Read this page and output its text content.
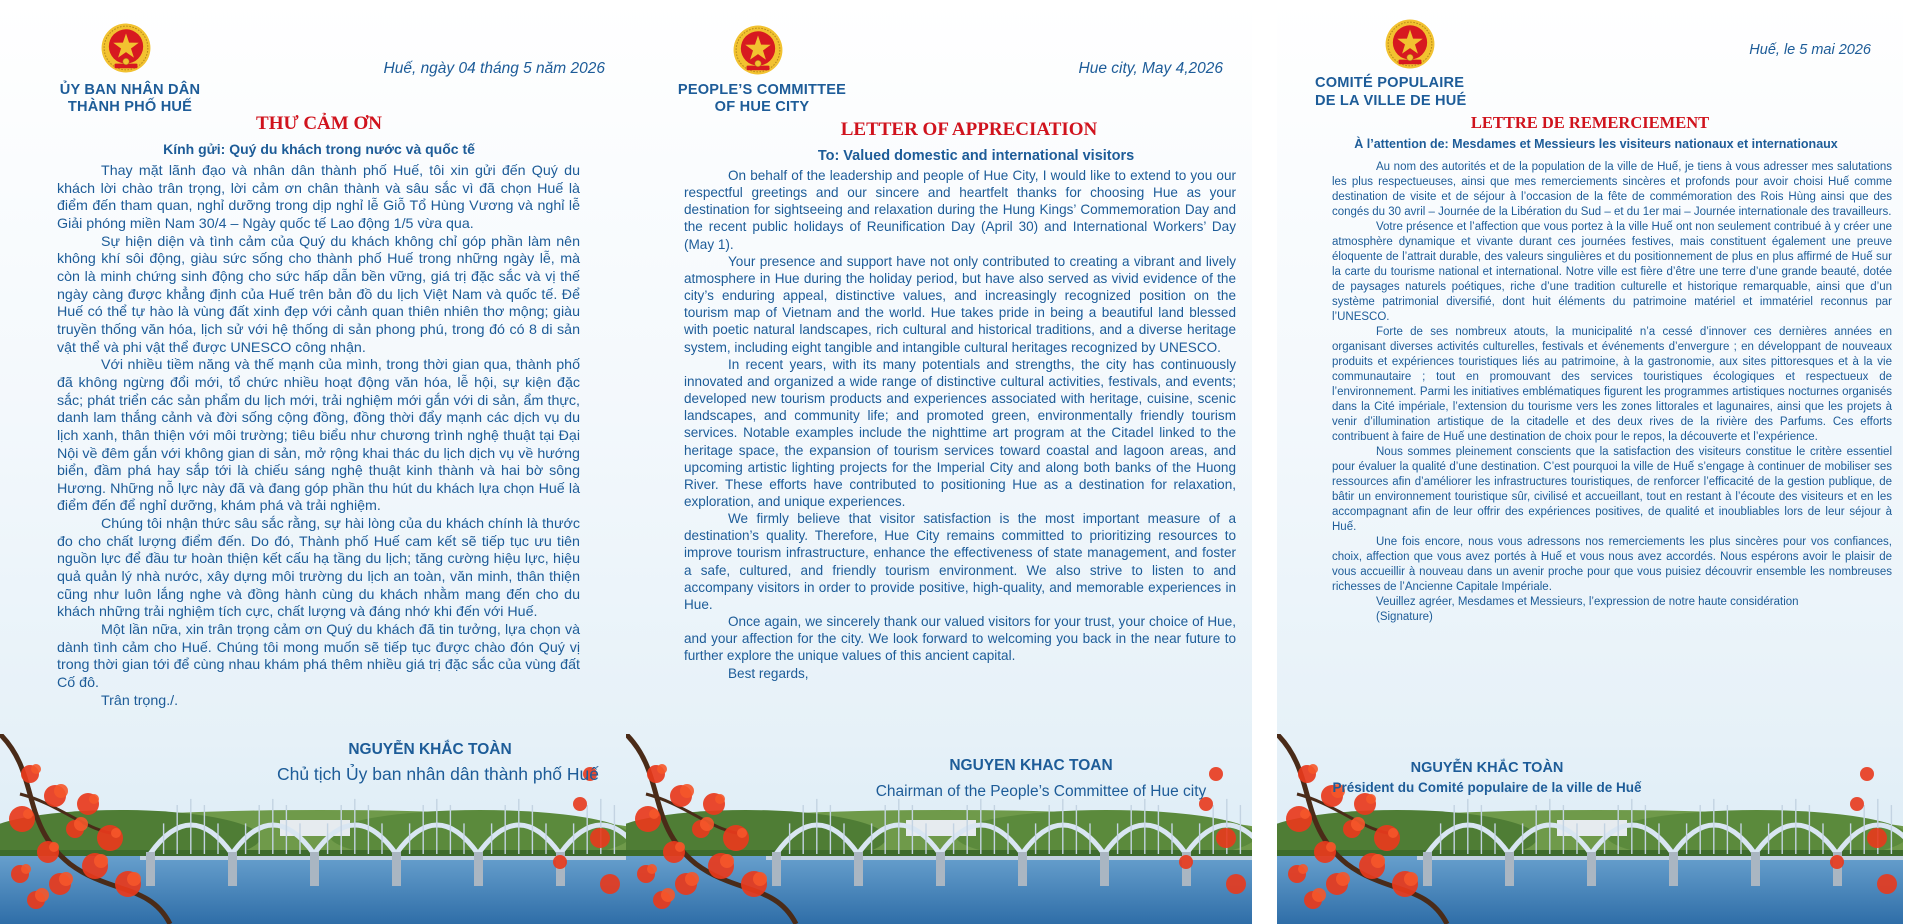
ỦY BAN NHÂN DÂN
THÀNH PHỐ HUẾ
Huế, ngày 04 tháng 5 năm 2026
THƯ CẢM ƠN
Kính gửi: Quý du khách trong nước và quốc tế

Thay mặt lãnh đạo và nhân dân thành phố Huế, tôi xin gửi đến Quý du khách lời chào trân trọng, lời cảm ơn chân thành và sâu sắc vì đã chọn Huế là điểm đến tham quan, nghỉ dưỡng trong dịp nghỉ lễ Giỗ Tổ Hùng Vương và nghỉ lễ Giải phóng miền Nam 30/4 – Ngày quốc tế Lao động 1/5 vừa qua.

Sự hiện diện và tình cảm của Quý du khách không chỉ góp phần làm nên không khí sôi động, giàu sức sống cho thành phố Huế trong những ngày lễ, mà còn là minh chứng sinh động cho sức hấp dẫn bền vững, giá trị đặc sắc và vị thế ngày càng được khẳng định của Huế trên bản đồ du lịch Việt Nam và quốc tế. Để Huế có thể tự hào là vùng đất xinh đẹp với cảnh quan thiên nhiên thơ mộng; giàu truyền thống văn hóa, lịch sử với hệ thống di sản phong phú, trong đó có 8 di sản vật thể và phi vật thể được UNESCO công nhận.

Với nhiều tiềm năng và thế mạnh của mình, trong thời gian qua, thành phố đã không ngừng đổi mới, tổ chức nhiều hoạt động văn hóa, lễ hội, sự kiện đặc sắc; phát triển các sản phẩm du lịch mới, trải nghiệm mới gắn với di sản, ẩm thực, danh lam thắng cảnh và đời sống cộng đồng, đồng thời đẩy mạnh các dịch vụ du lịch xanh, thân thiện với môi trường; tiêu biểu như chương trình nghệ thuật tại Đại Nội về đêm gắn với không gian di sản, mở rộng khai thác du lịch dịch vụ về hướng biển, đầm phá hay sắp tới là chiếu sáng nghệ thuật kinh thành và hai bờ sông Hương. Những nỗ lực này đã và đang góp phần thu hút du khách lựa chọn Huế là điểm đến để nghỉ dưỡng, khám phá và trải nghiệm.

Chúng tôi nhận thức sâu sắc rằng, sự hài lòng của du khách chính là thước đo cho chất lượng điểm đến. Do đó, Thành phố Huế cam kết sẽ tiếp tục ưu tiên nguồn lực để đầu tư hoàn thiện kết cấu hạ tầng du lịch; tăng cường hiệu lực, hiệu quả quản lý nhà nước, xây dựng môi trường du lịch an toàn, văn minh, thân thiện cũng như luôn lắng nghe và đồng hành cùng du khách nhằm mang đến cho du khách những trải nghiệm tích cực, chất lượng và đáng nhớ khi đến với Huế.

Một lần nữa, xin trân trọng cảm ơn Quý du khách đã tin tưởng, lựa chọn và dành tình cảm cho Huế. Chúng tôi mong muốn sẽ tiếp tục được chào đón Quý vị trong thời gian tới để cùng nhau khám phá thêm nhiều giá trị đặc sắc của vùng đất Cố đô.

Trân trọng./.

NGUYỄN KHẮC TOÀN
Chủ tịch Ủy ban nhân dân thành phố Huế
PEOPLE’S COMMITTEE
OF HUE CITY
Hue city, May 4,2026
LETTER OF APPRECIATION
To: Valued domestic and international visitors

On behalf of the leadership and people of Hue City, I would like to extend to you our respectful greetings and our sincere and heartfelt thanks for choosing Hue as your destination for sightseeing and relaxation during the Hung Kings’ Commemoration Day and the recent public holidays of Reunification Day (April 30) and International Workers’ Day (May 1).

Your presence and support have not only contributed to creating a vibrant and lively atmosphere in Hue during the holiday period, but have also served as vivid evidence of the city’s enduring appeal, distinctive values, and increasingly recognized position on the tourism map of Vietnam and the world. Hue takes pride in being a beautiful land blessed with poetic natural landscapes, rich cultural and historical traditions, and a diverse heritage system, including eight tangible and intangible cultural heritages recognized by UNESCO.

In recent years, with its many potentials and strengths, the city has continuously innovated and organized a wide range of distinctive cultural activities, festivals, and events; developed new tourism products and experiences associated with heritage, cuisine, scenic landscapes, and community life; and promoted green, environmentally friendly tourism services. Notable examples include the nighttime art program at the Citadel linked to the heritage space, the expansion of tourism services toward coastal and lagoon areas, and upcoming artistic lighting projects for the Imperial City and along both banks of the Huong River. These efforts have contributed to positioning Hue as a destination for relaxation, exploration, and unique experiences.

We firmly believe that visitor satisfaction is the most important measure of a destination’s quality. Therefore, Hue City remains committed to prioritizing resources to improve tourism infrastructure, enhance the effectiveness of state management, and foster a safe, cultured, and friendly tourism environment. We also strive to listen to and accompany visitors in order to provide positive, high-quality, and memorable experiences in Hue.

Once again, we sincerely thank our valued visitors for your trust, your choice of Hue, and your affection for the city. We look forward to welcoming you back in the near future to further explore the unique values of this ancient capital.

Best regards,

NGUYEN KHAC TOAN
Chairman of the People’s Committee of Hue city
COMITÉ POPULAIRE
DE LA VILLE DE HUÉ
Huế, le 5 mai 2026
LETTRE DE REMERCIEMENT
À l’attention de: Mesdames et Messieurs les visiteurs nationaux et internationaux

Au nom des autorités et de la population de la ville de Huế, je tiens à vous adresser mes salutations les plus respectueuses, ainsi que mes remerciements sincères et profonds pour avoir choisi Huế comme destination de visite et de séjour à l’occasion de la fête de commémoration des Rois Hùng ainsi que des congés du 30 avril – Journée de la Libération du Sud – et du 1er mai – Journée internationale des travailleurs.

Votre présence et l’affection que vous portez à la ville Huế ont non seulement contribué à y créer une atmosphère dynamique et vivante durant ces journées festives, mais constituent également une preuve éloquente de l’attrait durable, des valeurs singulières et du positionnement de plus en plus affirmé de Huế sur la carte du tourisme national et international. Notre ville est fière d’être une terre d’une grande beauté, dotée de paysages naturels poétiques, riche d’une tradition culturelle et historique remarquable, ainsi que d’un système patrimonial diversifié, dont huit éléments du patrimoine matériel et immatériel reconnus par l’UNESCO.

Forte de ses nombreux atouts, la municipalité n’a cessé d’innover ces dernières années en organisant diverses activités culturelles, festivals et événements d’envergure ; en développant de nouveaux produits et expériences touristiques liés au patrimoine, à la gastronomie, aux sites pittoresques et à la vie communautaire ; tout en promouvant des services touristiques écologiques et respectueux de l’environnement. Parmi les initiatives emblématiques figurent les programmes artistiques nocturnes organisés dans la Cité impériale, l’extension du tourisme vers les zones littorales et lagunaires, ainsi que les projets à venir d’illumination artistique de la citadelle et des deux rives de la rivière des Parfums. Ces efforts contribuent à faire de Huế une destination de choix pour le repos, la découverte et l’expérience.

Nous sommes pleinement conscients que la satisfaction des visiteurs constitue le critère essentiel pour évaluer la qualité d’une destination. C’est pourquoi la ville de Huế s’engage à continuer de mobiliser ses ressources afin d’améliorer les infrastructures touristiques, de renforcer l’efficacité de la gestion publique, de bâtir un environnement touristique sûr, civilisé et accueillant, tout en restant à l’écoute des visiteurs et en les accompagnant afin de leur offrir des expériences positives, de qualité et inoubliables lors de leur séjour à Huế.

Une fois encore, nous vous adressons nos remerciements les plus sincères pour vos confiances, choix, affection que vous avez portés à Huế et vous nous avez accordés. Nous espérons avoir le plaisir de vous accueillir à nouveau dans un avenir proche pour que vous puisiez découvrir ensemble les nombreuses richesses de l’Ancienne Capitale Impériale.

Veuillez agréer, Mesdames et Messieurs, l’expression de notre haute considération

(Signature)

NGUYỄN KHẮC TOÀN
Président du Comité populaire de la ville de Huế
